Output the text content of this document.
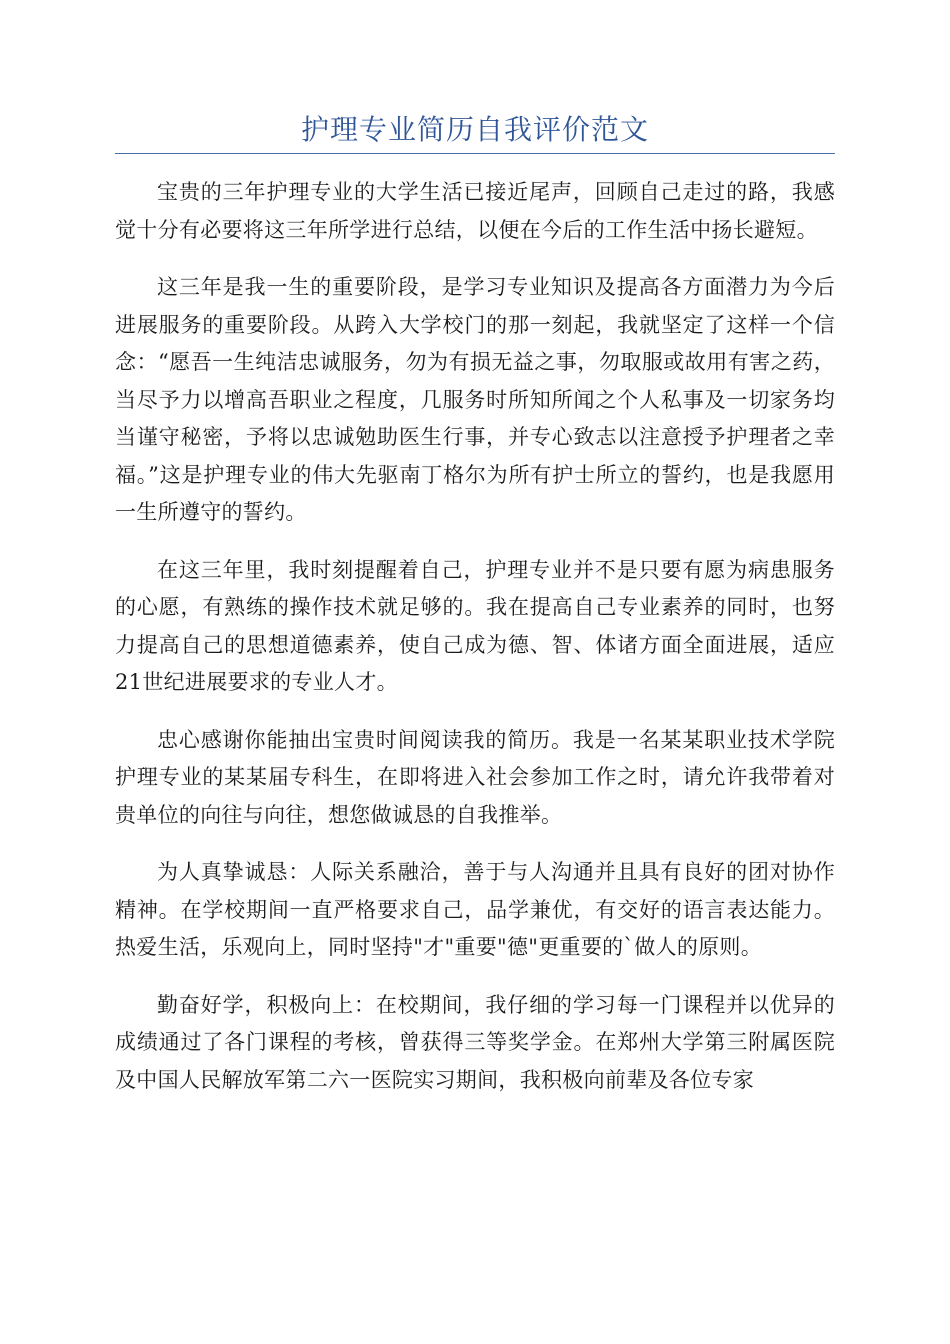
护理专业简历自我评价范文

宝贵的三年护理专业的大学生活已接近尾声，回顾自己走过的路，我感觉十分有必要将这三年所学进行总结，以便在今后的工作生活中扬长避短。

这三年是我一生的重要阶段，是学习专业知识及提高各方面潜力为今后进展服务的重要阶段。从跨入大学校门的那一刻起，我就坚定了这样一个信念：“愿吾一生纯洁忠诚服务，勿为有损无益之事，勿取服或故用有害之药，当尽予力以增高吾职业之程度，几服务时所知所闻之个人私事及一切家务均当谨守秘密，予将以忠诚勉助医生行事，并专心致志以注意授予护理者之幸福。”这是护理专业的伟大先驱南丁格尔为所有护士所立的誓约，也是我愿用一生所遵守的誓约。

在这三年里，我时刻提醒着自己，护理专业并不是只要有愿为病患服务的心愿，有熟练的操作技术就足够的。我在提高自己专业素养的同时，也努力提高自己的思想道德素养，使自己成为德、智、体诸方面全面进展，适应21世纪进展要求的专业人才。

忠心感谢你能抽出宝贵时间阅读我的简历。我是一名某某职业技术学院护理专业的某某届专科生，在即将进入社会参加工作之时，请允许我带着对贵单位的向往与向往，想您做诚恳的自我推举。

为人真挚诚恳：人际关系融洽，善于与人沟通并且具有良好的团对协作精神。在学校期间一直严格要求自己，品学兼优，有交好的语言表达能力。热爱生活，乐观向上，同时坚持"才"重要"德"更重要的`做人的原则。

勤奋好学，积极向上：在校期间，我仔细的学习每一门课程并以优异的成绩通过了各门课程的考核，曾获得三等奖学金。在郑州大学第三附属医院及中国人民解放军第二六一医院实习期间，我积极向前辈及各位专家
